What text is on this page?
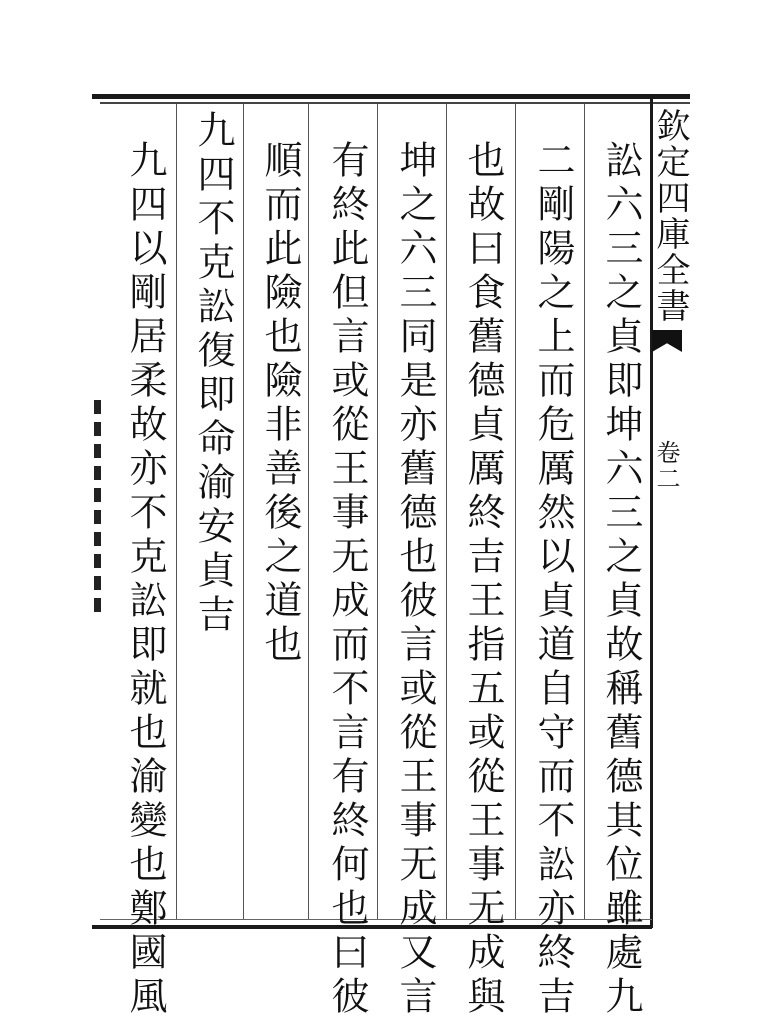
欽定四庫全書
卷二
訟六三之貞即坤六三之貞故稱舊德其位雖處九
二剛陽之上而危厲然以貞道自守而不訟亦終吉
也故曰食舊德貞厲終吉王指五或從王事无成與
坤之六三同是亦舊德也彼言或從王事无成又言
有終此但言或從王事无成而不言有終何也曰彼
順而此險也險非善後之道也
九四不克訟復即命渝安貞吉
九四以剛居柔故亦不克訟即就也渝變也鄭國風
